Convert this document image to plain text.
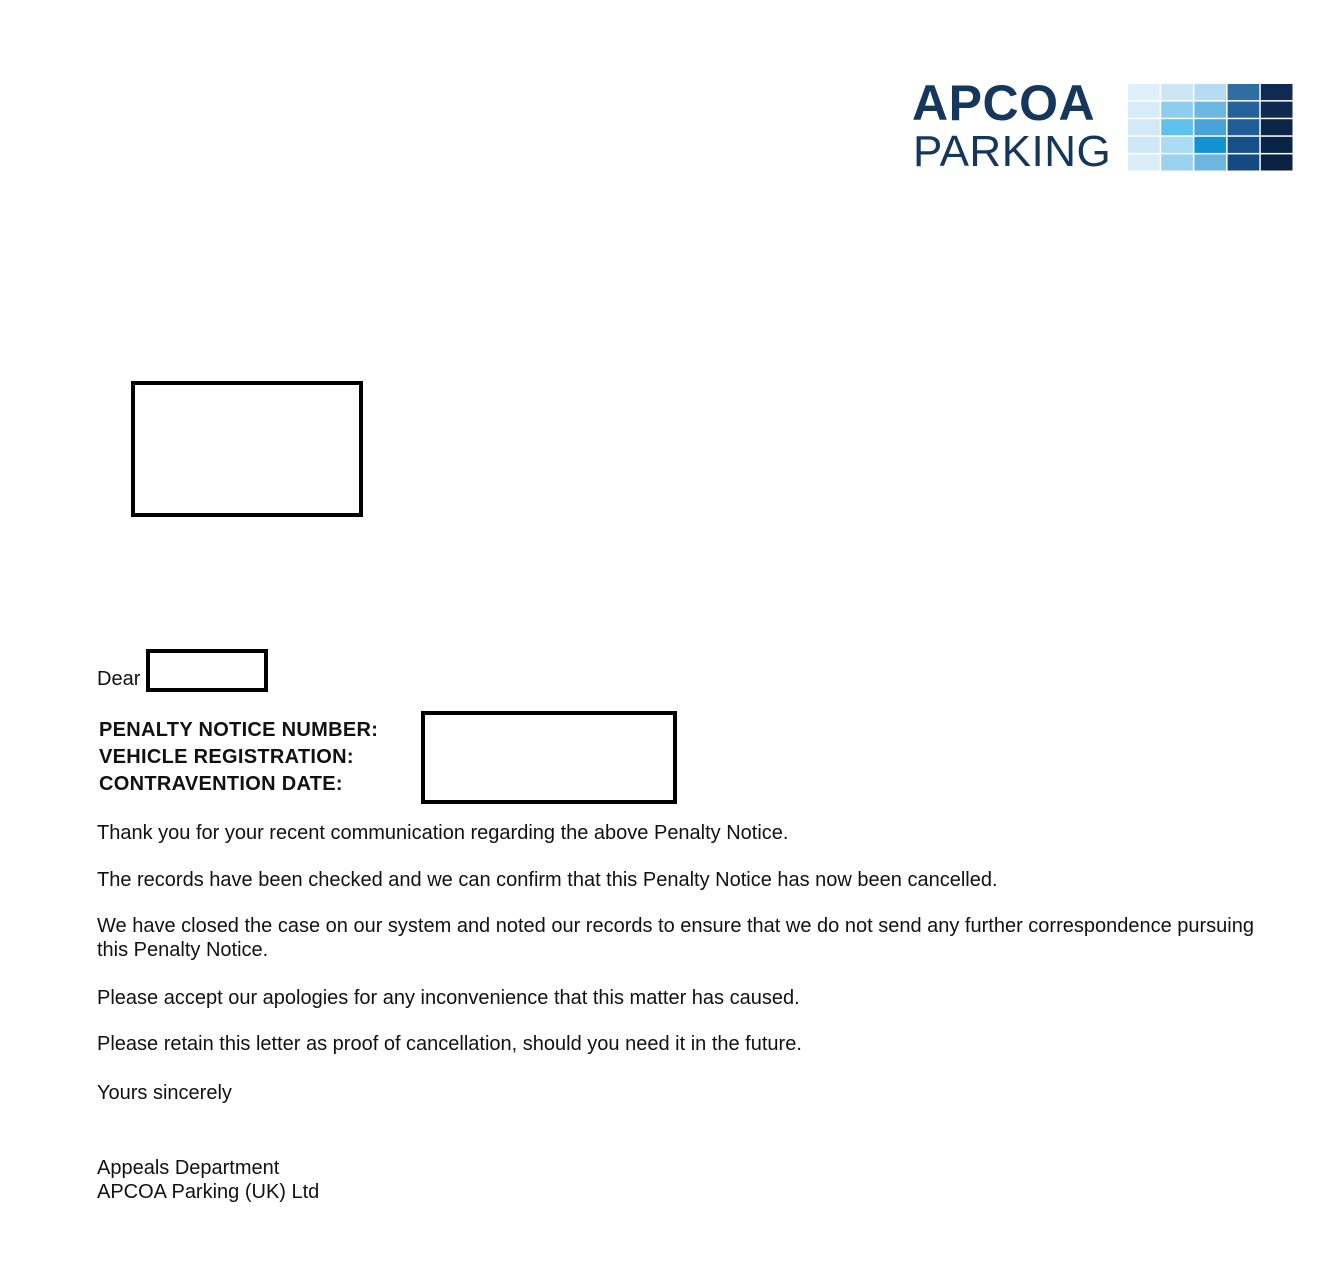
APCOA
PARKING
Dear
PENALTY NOTICE NUMBER:
VEHICLE REGISTRATION:
CONTRAVENTION DATE:
Thank you for your recent communication regarding the above Penalty Notice.
The records have been checked and we can confirm that this Penalty Notice has now been cancelled.
We have closed the case on our system and noted our records to ensure that we do not send any further correspondence pursuing this Penalty Notice.
Please accept our apologies for any inconvenience that this matter has caused.
Please retain this letter as proof of cancellation, should you need it in the future.
Yours sincerely
Appeals Department
APCOA Parking (UK) Ltd
